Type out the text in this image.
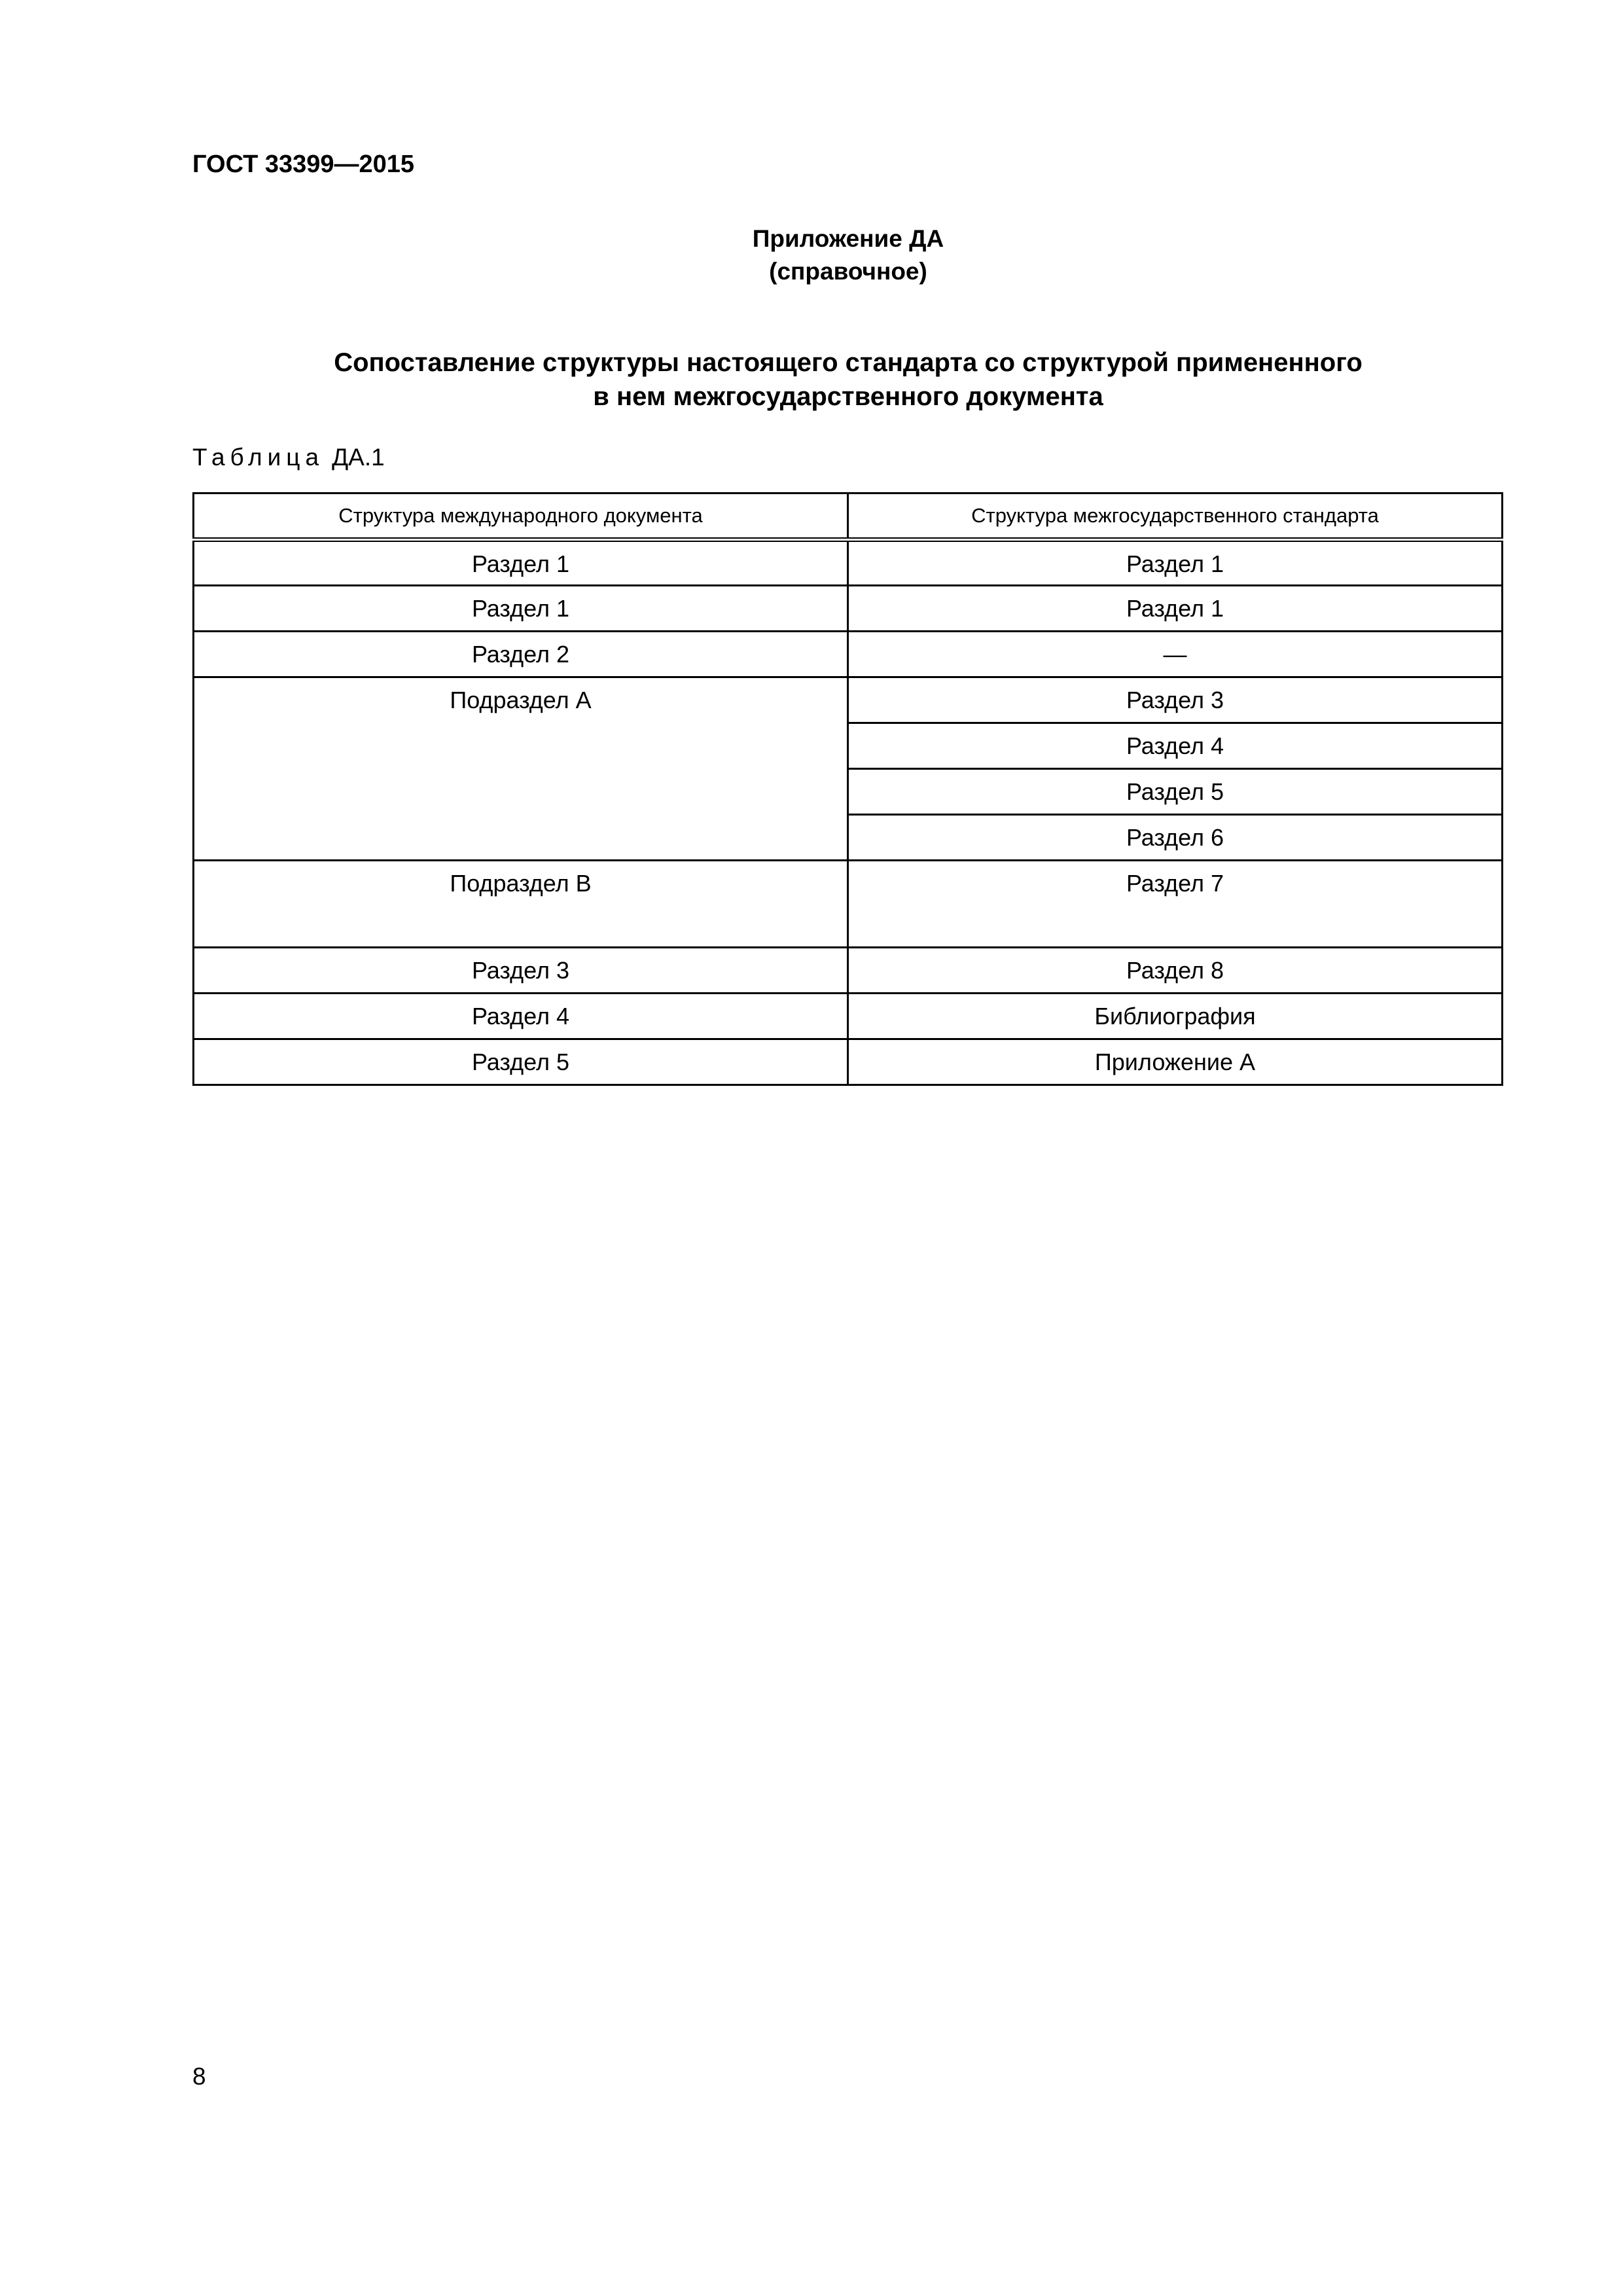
ГОСТ 33399—2015
Приложение ДА
(справочное)
Сопоставление структуры настоящего стандарта со структурой примененного
в нем межгосударственного документа
Таблица ДА.1
Структура международного документа	Структура межгосударственного стандарта
Раздел 1	Раздел 1
Раздел 1	Раздел 1
Раздел 2	—
Подраздел А	Раздел 3
	Раздел 4
	Раздел 5
	Раздел 6
Подраздел В	Раздел 7
Раздел 3	Раздел 8
Раздел 4	Библиография
Раздел 5	Приложение А
8
